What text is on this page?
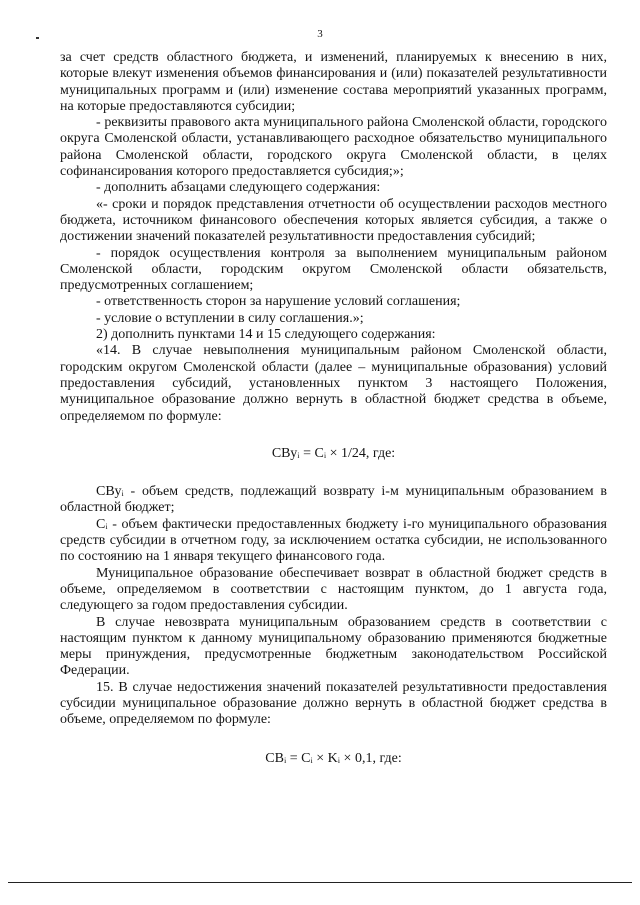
3

за счет средств областного бюджета, и изменений, планируемых к внесению в них, которые влекут изменения объемов финансирования и (или) показателей результативности муниципальных программ и (или) изменение состава мероприятий указанных программ, на которые предоставляются субсидии;

- реквизиты правового акта муниципального района Смоленской области, городского округа Смоленской области, устанавливающего расходное обязательство муниципального района Смоленской области, городского округа Смоленской области, в целях софинансирования которого предоставляется субсидия;»;

- дополнить абзацами следующего содержания:

«- сроки и порядок представления отчетности об осуществлении расходов местного бюджета, источником финансового обеспечения которых является субсидия, а также о достижении значений показателей результативности предоставления субсидий;

- порядок осуществления контроля за выполнением муниципальным районом Смоленской области, городским округом Смоленской области обязательств, предусмотренных соглашением;

- ответственность сторон за нарушение условий соглашения;

- условие о вступлении в силу соглашения.»;

2) дополнить пунктами 14 и 15 следующего содержания:

«14. В случае невыполнения муниципальным районом Смоленской области, городским округом Смоленской области (далее – муниципальные образования) условий предоставления субсидий, установленных пунктом 3 настоящего Положения, муниципальное образование должно вернуть в областной бюджет средства в объеме, определяемом по формуле:

СВуᵢ = Cᵢ × 1/24, где:

СВуᵢ - объем средств, подлежащий возврату i-м муниципальным образованием в областной бюджет;

Cᵢ - объем фактически предоставленных бюджету i-го муниципального образования средств субсидии в отчетном году, за исключением остатка субсидии, не использованного по состоянию на 1 января текущего финансового года.

Муниципальное образование обеспечивает возврат в областной бюджет средств в объеме, определяемом в соответствии с настоящим пунктом, до 1 августа года, следующего за годом предоставления субсидии.

В случае невозврата муниципальным образованием средств в соответствии с настоящим пунктом к данному муниципальному образованию применяются бюджетные меры принуждения, предусмотренные бюджетным законодательством Российской Федерации.

15. В случае недостижения значений показателей результативности предоставления субсидии муниципальное образование должно вернуть в областной бюджет средства в объеме, определяемом по формуле:

СВᵢ = Cᵢ × Kᵢ × 0,1, где:
